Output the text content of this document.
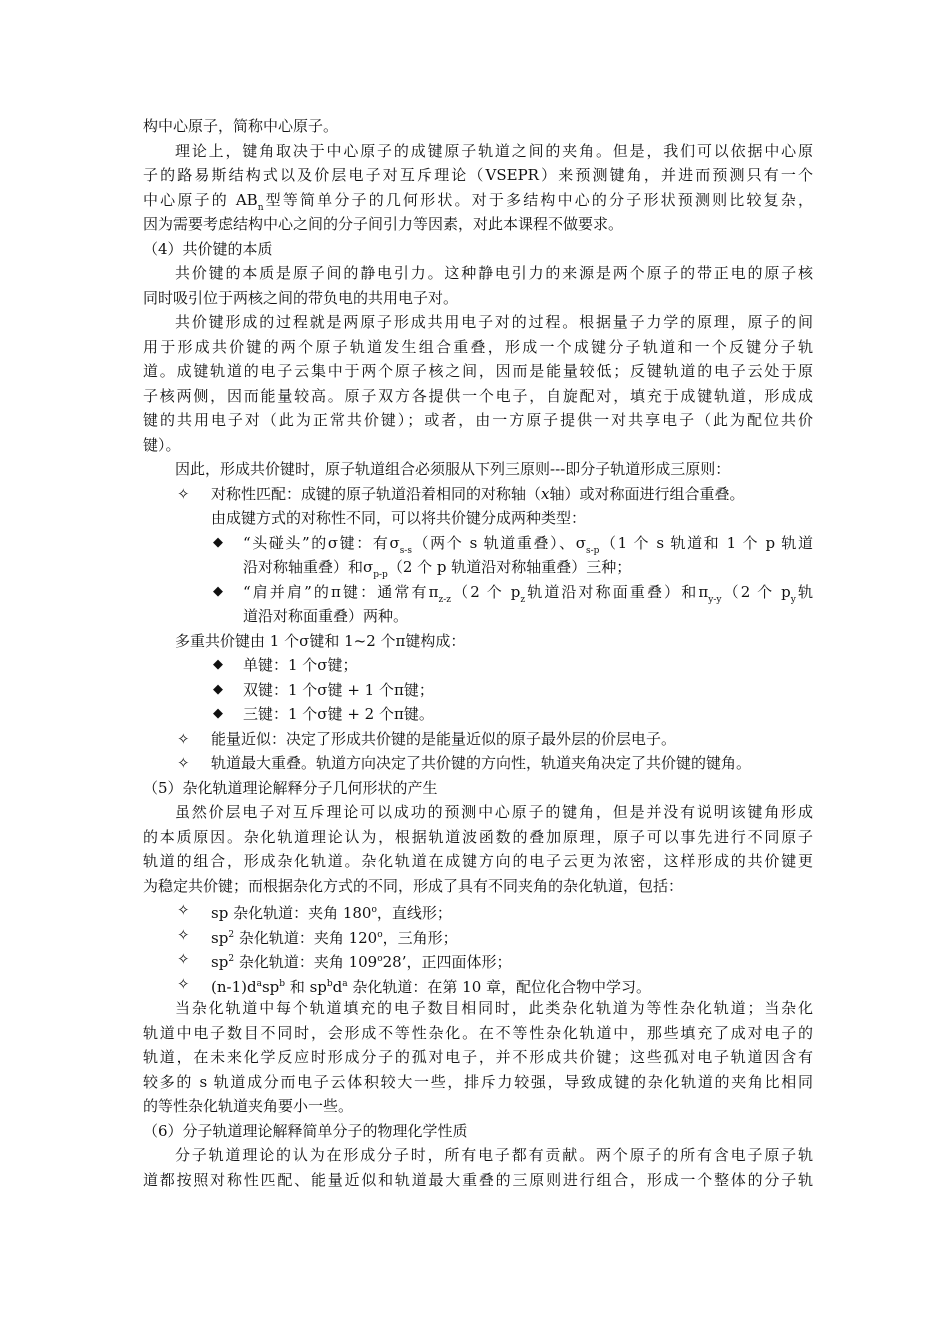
构中心原子，简称中心原子。
理论上，键角取决于中心原子的成键原子轨道之间的夹角。但是，我们可以依据中心原
子的路易斯结构式以及价层电子对互斥理论（VSEPR）来预测键角，并进而预测只有一个
中心原子的 $AB_n$型等简单分子的几何形状。对于多结构中心的分子形状预测则比较复杂，
因为需要考虑结构中心之间的分子间引力等因素，对此本课程不做要求。
（4）共价键的本质
共价键的本质是原子间的静电引力。这种静电引力的来源是两个原子的带正电的原子核
同时吸引位于两核之间的带负电的共用电子对。
共价键形成的过程就是两原子形成共用电子对的过程。根据量子力学的原理，原子的间
用于形成共价键的两个原子轨道发生组合重叠，形成一个成键分子轨道和一个反键分子轨
道。成键轨道的电子云集中于两个原子核之间，因而是能量较低；反键轨道的电子云处于原
子核两侧，因而能量较高。原子双方各提供一个电子，自旋配对，填充于成键轨道，形成成
键的共用电子对（此为正常共价键）；或者，由一方原子提供一对共享电子（此为配位共价
键）。
因此，形成共价键时，原子轨道组合必须服从下列三原则---即分子轨道形成三原则：
✧ 对称性匹配：成键的原子轨道沿着相同的对称轴（x轴）或对称面进行组合重叠。
由成键方式的对称性不同，可以将共价键分成两种类型：
◆ “头碰头”的σ键：有$\sigma_{s-s}$（两个 s 轨道重叠）、$\sigma_{s-p}(1$ 个 s 轨道和 1 个 p 轨道
沿对称轴重叠）和$\sigma_{p-p}(2$ 个 p 轨道沿对称轴重叠）三种；
◆ “肩并肩”的π键：通常有$\pi_{z-z}(2$ 个 $p_z$轨道沿对称面重叠）和$\pi_{y-y}(2$ 个 $p_y$轨
道沿对称面重叠）两种。
多重共价键由 1 个σ键和 1~2 个π键构成：
◆ 单键：1 个σ键；
◆ 双键：1 个σ键 + 1 个π键；
◆ 三键：1 个σ键 + 2 个π键。
✧ 能量近似：决定了形成共价键的是能量近似的原子最外层的价层电子。
✧ 轨道最大重叠。轨道方向决定了共价键的方向性，轨道夹角决定了共价键的键角。
（5）杂化轨道理论解释分子几何形状的产生
虽然价层电子对互斥理论可以成功的预测中心原子的键角，但是并没有说明该键角形成
的本质原因。杂化轨道理论认为，根据轨道波函数的叠加原理，原子可以事先进行不同原子
轨道的组合，形成杂化轨道。杂化轨道在成键方向的电子云更为浓密，这样形成的共价键更
为稳定共价键；而根据杂化方式的不同，形成了具有不同夹角的杂化轨道，包括：
✧ sp 杂化轨道：夹角 180$^o$，直线形；
✧ $sp^2$ 杂化轨道：夹角 120$^o$，三角形；
✧ $sp^2$ 杂化轨道：夹角 109$^o$28’，正四面体形；
✧ $(n-1)d^asp^b$ 和 $sp^bd^a$ 杂化轨道：在第 10 章，配位化合物中学习。
当杂化轨道中每个轨道填充的电子数目相同时，此类杂化轨道为等性杂化轨道；当杂化
轨道中电子数目不同时，会形成不等性杂化。在不等性杂化轨道中，那些填充了成对电子的
轨道，在未来化学反应时形成分子的孤对电子，并不形成共价键；这些孤对电子轨道因含有
较多的 s 轨道成分而电子云体积较大一些，排斥力较强，导致成键的杂化轨道的夹角比相同
的等性杂化轨道夹角要小一些。
（6）分子轨道理论解释简单分子的物理化学性质
分子轨道理论的认为在形成分子时，所有电子都有贡献。两个原子的所有含电子原子轨
道都按照对称性匹配、能量近似和轨道最大重叠的三原则进行组合，形成一个整体的分子轨
